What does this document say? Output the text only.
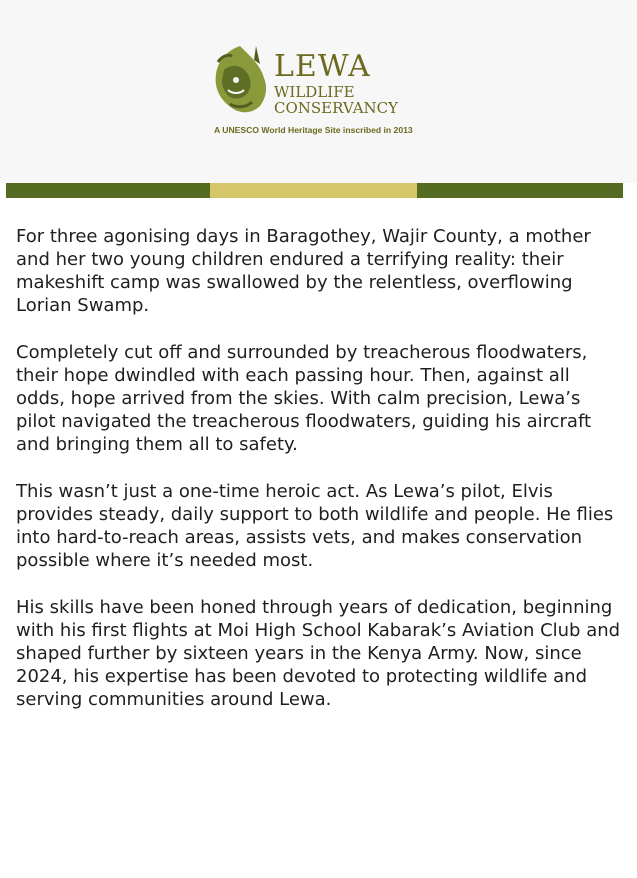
LEWA
WILDLIFE
CONSERVANCY
A UNESCO World Heritage Site inscribed in 2013

For three agonising days in Baragothey, Wajir County, a mother and her two young children endured a terrifying reality: their makeshift camp was swallowed by the relentless, overflowing Lorian Swamp.

Completely cut off and surrounded by treacherous floodwaters, their hope dwindled with each passing hour. Then, against all odds, hope arrived from the skies. With calm precision, Lewa’s pilot navigated the treacherous floodwaters, guiding his aircraft and bringing them all to safety.

This wasn’t just a one-time heroic act. As Lewa’s pilot, Elvis provides steady, daily support to both wildlife and people. He flies into hard-to-reach areas, assists vets, and makes conservation possible where it’s needed most.

His skills have been honed through years of dedication, beginning with his first flights at Moi High School Kabarak’s Aviation Club and shaped further by sixteen years in the Kenya Army. Now, since 2024, his expertise has been devoted to protecting wildlife and serving communities around Lewa.
